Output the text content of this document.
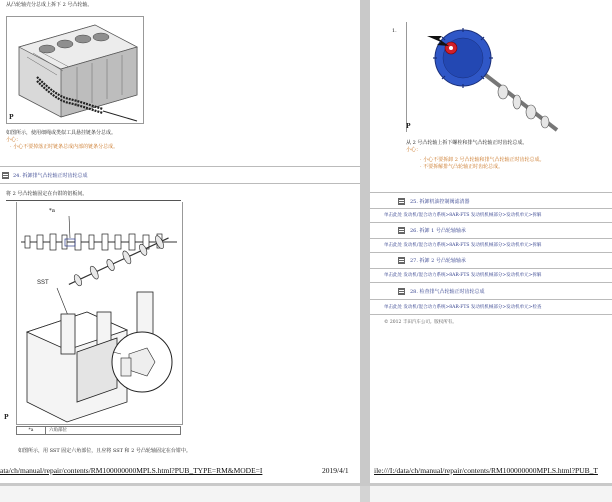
从凸轮轴壳分总成上拆下 2 号凸轮轴。
P
如图所示，使用细绳或类似工具悬挂链条分总成。
小心：
· 小心不要掉落正时链条总成内部的链条分总成。
24. 拆卸排气凸轮轴正时齿轮总成
将 2 号凸轮轴固定在台钳的铝板间。
*a
SST
P
*a	六角部位
如图所示，用 SST 固定六角部位，且应将 SST 和 2 号凸轮轴固定在台钳中。
ata/ch/manual/repair/contents/RM100000000MPLS.html?PUB_TYPE=RM&MODE=I	2019/4/1
1.
P
从 2 号凸轮轴上拆下螺栓和排气凸轮轴正时齿轮总成。
小心：
· 小心不要拆卸 2 号凸轮轴和排气凸轮轴正时齿轮总成。
· 不要拆解排气凸轮轴正时齿轮总成。
25. 拆卸机油控制阀滤清器
单击此处 发动机/混合动力系统>8AR-FTS 发动机机械部分>发动机单元>拆解
26. 拆卸 1 号凸轮轴轴承
单击此处 发动机/混合动力系统>8AR-FTS 发动机机械部分>发动机单元>拆解
27. 拆卸 2 号凸轮轴轴承
单击此处 发动机/混合动力系统>8AR-FTS 发动机机械部分>发动机单元>拆解
28. 检查排气凸轮轴正时齿轮总成
单击此处 发动机/混合动力系统>8AR-FTS 发动机机械部分>发动机单元>检查
© 2012 丰田汽车公司。版权所有。
ile:///I:/data/ch/manual/repair/contents/RM100000000MPLS.html?PUB_T
